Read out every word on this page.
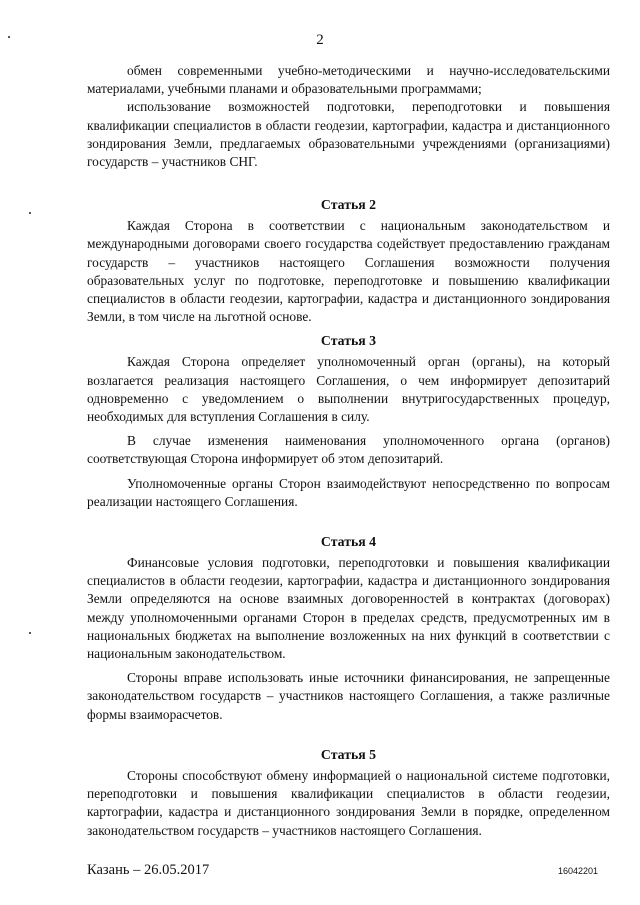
2

обмен современными учебно-методическими и научно-исследовательскими материалами, учебными планами и образовательными программами;

использование возможностей подготовки, переподготовки и повышения квалификации специалистов в области геодезии, картографии, кадастра и дистанционного зондирования Земли, предлагаемых образовательными учреждениями (организациями) государств – участников СНГ.

Статья 2

Каждая Сторона в соответствии с национальным законодательством и международными договорами своего государства содействует предоставлению гражданам государств – участников настоящего Соглашения возможности получения образовательных услуг по подготовке, переподготовке и повышению квалификации специалистов в области геодезии, картографии, кадастра и дистанционного зондирования Земли, в том числе на льготной основе.

Статья 3

Каждая Сторона определяет уполномоченный орган (органы), на который возлагается реализация настоящего Соглашения, о чем информирует депозитарий одновременно с уведомлением о выполнении внутригосударственных процедур, необходимых для вступления Соглашения в силу.

В случае изменения наименования уполномоченного органа (органов) соответствующая Сторона информирует об этом депозитарий.

Уполномоченные органы Сторон взаимодействуют непосредственно по вопросам реализации настоящего Соглашения.

Статья 4

Финансовые условия подготовки, переподготовки и повышения квалификации специалистов в области геодезии, картографии, кадастра и дистанционного зондирования Земли определяются на основе взаимных договоренностей в контрактах (договорах) между уполномоченными органами Сторон в пределах средств, предусмотренных им в национальных бюджетах на выполнение возложенных на них функций в соответствии с национальным законодательством.

Стороны вправе использовать иные источники финансирования, не запрещенные законодательством государств – участников настоящего Соглашения, а также различные формы взаиморасчетов.

Статья 5

Стороны способствуют обмену информацией о национальной системе подготовки, переподготовки и повышения квалификации специалистов в области геодезии, картографии, кадастра и дистанционного зондирования Земли в порядке, определенном законодательством государств – участников настоящего Соглашения.

Казань – 26.05.2017	16042201
